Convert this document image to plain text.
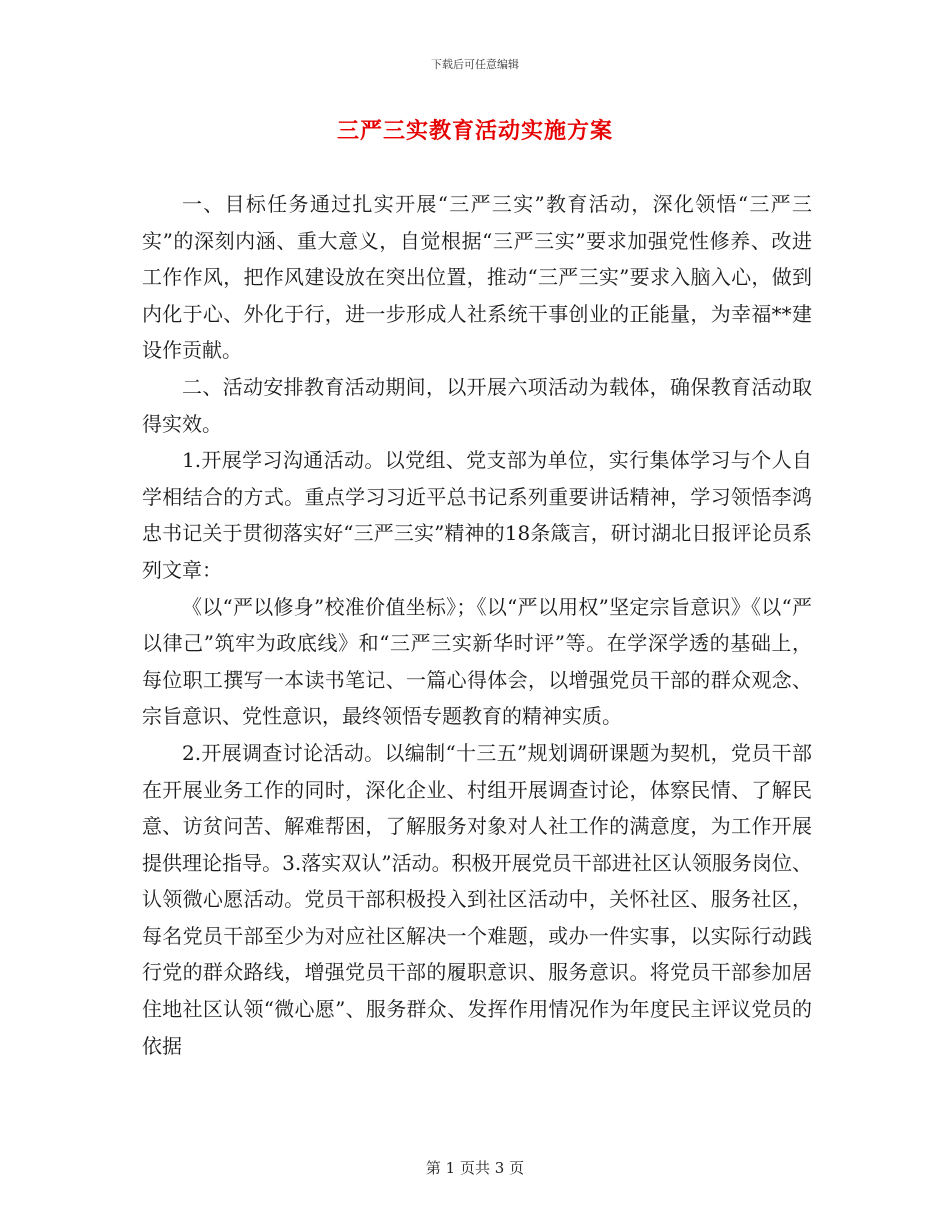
下载后可任意编辑
三严三实教育活动实施方案

一、目标任务通过扎实开展“三严三实”教育活动，深化领悟“三严三实”的深刻内涵、重大意义，自觉根据“三严三实”要求加强党性修养、改进工作作风，把作风建设放在突出位置，推动“三严三实”要求入脑入心，做到内化于心、外化于行，进一步形成人社系统干事创业的正能量，为幸福**建设作贡献。

二、活动安排教育活动期间，以开展六项活动为载体，确保教育活动取得实效。

1.开展学习沟通活动。以党组、党支部为单位，实行集体学习与个人自学相结合的方式。重点学习习近平总书记系列重要讲话精神，学习领悟李鸿忠书记关于贯彻落实好“三严三实”精神的18条箴言，研讨湖北日报评论员系列文章：

《以“严以修身”校准价值坐标》；《以“严以用权”坚定宗旨意识》《以“严以律己”筑牢为政底线》和“三严三实新华时评”等。在学深学透的基础上，每位职工撰写一本读书笔记、一篇心得体会，以增强党员干部的群众观念、宗旨意识、党性意识，最终领悟专题教育的精神实质。

2.开展调查讨论活动。以编制“十三五”规划调研课题为契机，党员干部在开展业务工作的同时，深化企业、村组开展调查讨论，体察民情、了解民意、访贫问苦、解难帮困，了解服务对象对人社工作的满意度，为工作开展提供理论指导。3.落实双认”活动。积极开展党员干部进社区认领服务岗位、认领微心愿活动。党员干部积极投入到社区活动中，关怀社区、服务社区，每名党员干部至少为对应社区解决一个难题，或办一件实事，以实际行动践行党的群众路线，增强党员干部的履职意识、服务意识。将党员干部参加居住地社区认领“微心愿”、服务群众、发挥作用情况作为年度民主评议党员的依据

第 1 页共 3 页
